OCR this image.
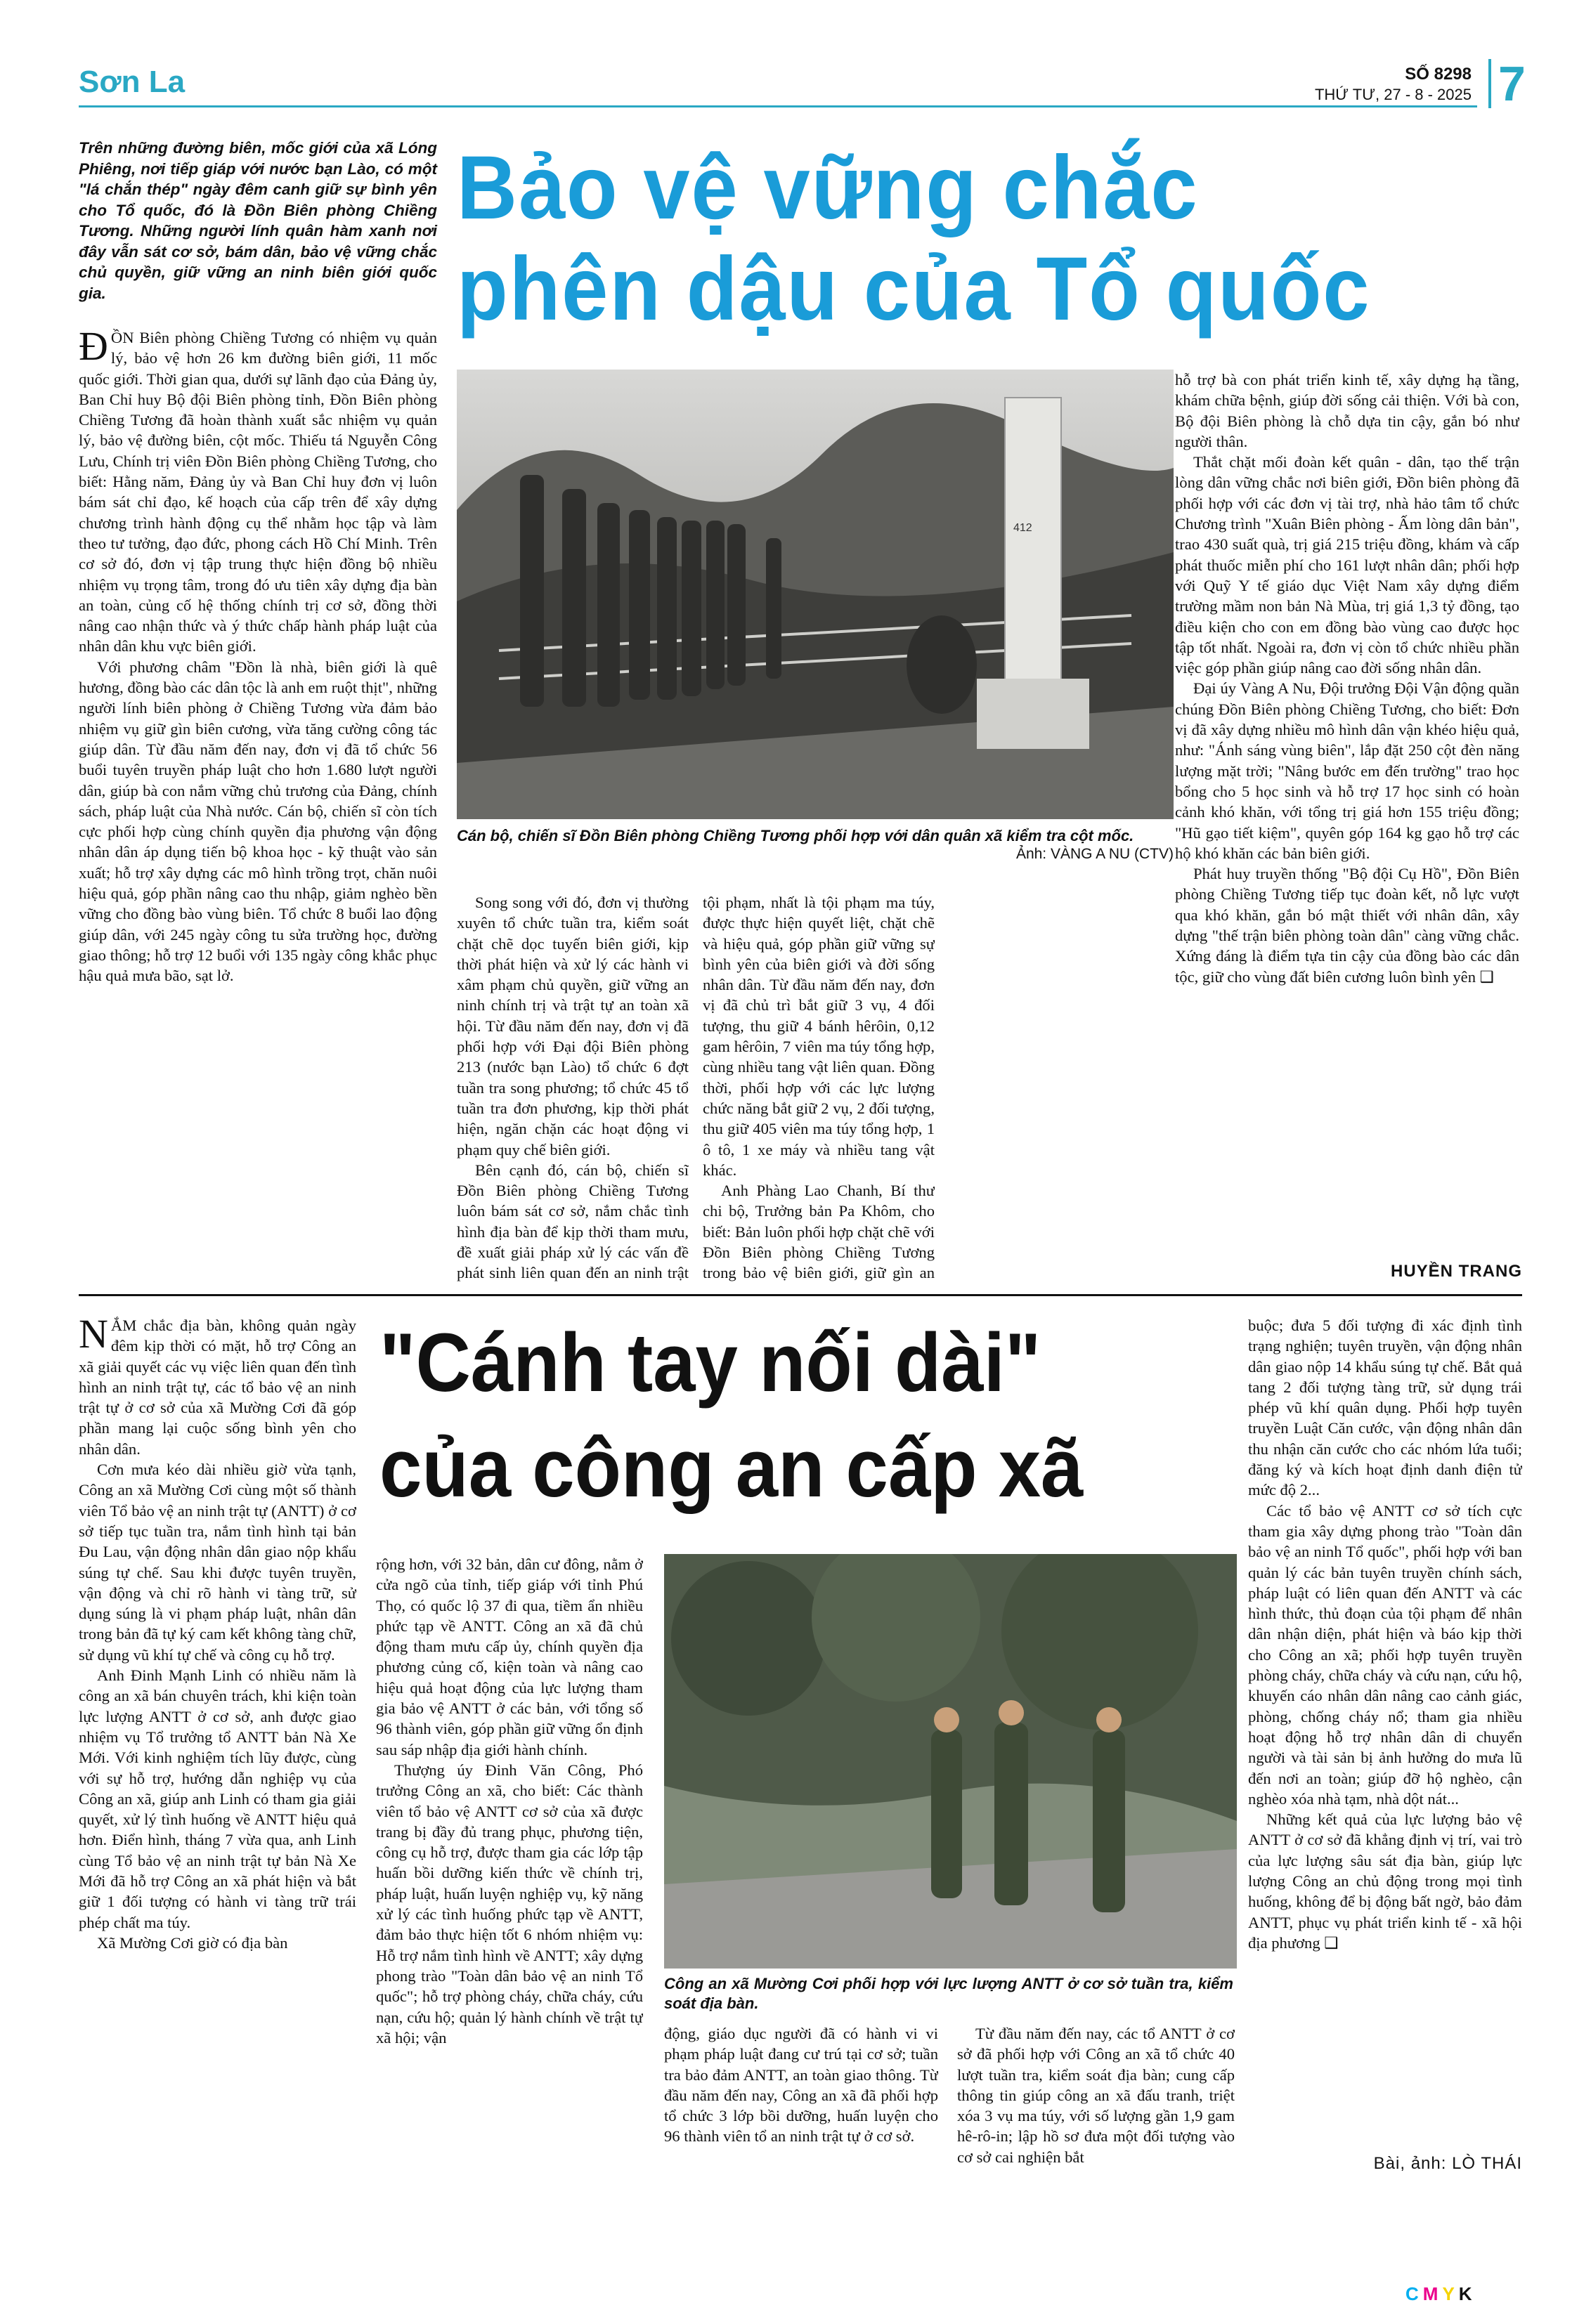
Sơn La	SỐ 8298
THỨ TƯ, 27 - 8 - 2025 7
Trên những đường biên, mốc giới của xã Lóng Phiêng, nơi tiếp giáp với nước bạn Lào, có một "lá chắn thép" ngày đêm canh giữ sự bình yên cho Tổ quốc, đó là Đồn Biên phòng Chiềng Tương. Những người lính quân hàm xanh nơi đây vẫn sát cơ sở, bám dân, bảo vệ vững chắc chủ quyền, giữ vững an ninh biên giới quốc gia.
Bảo vệ vững chắc
phên dậu của Tổ quốc

ĐỒN Biên phòng Chiềng Tương có nhiệm vụ quản lý, bảo vệ hơn 26 km đường biên giới, 11 mốc quốc giới. Thời gian qua, dưới sự lãnh đạo của Đảng ủy, Ban Chỉ huy Bộ đội Biên phòng tỉnh, Đồn Biên phòng Chiềng Tương đã hoàn thành xuất sắc nhiệm vụ quản lý, bảo vệ đường biên, cột mốc. Thiếu tá Nguyễn Công Lưu, Chính trị viên Đồn Biên phòng Chiềng Tương, cho biết: Hằng năm, Đảng ủy và Ban Chỉ huy đơn vị luôn bám sát chỉ đạo, kế hoạch của cấp trên để xây dựng chương trình hành động cụ thể nhằm học tập và làm theo tư tưởng, đạo đức, phong cách Hồ Chí Minh. Trên cơ sở đó, đơn vị tập trung thực hiện đồng bộ nhiều nhiệm vụ trọng tâm, trong đó ưu tiên xây dựng địa bàn an toàn, củng cố hệ thống chính trị cơ sở, đồng thời nâng cao nhận thức và ý thức chấp hành pháp luật của nhân dân khu vực biên giới.

Với phương châm "Đồn là nhà, biên giới là quê hương, đồng bào các dân tộc là anh em ruột thịt", những người lính biên phòng ở Chiềng Tương vừa đảm bảo nhiệm vụ giữ gìn biên cương, vừa tăng cường công tác giúp dân. Từ đầu năm đến nay, đơn vị đã tổ chức 56 buổi tuyên truyền pháp luật cho hơn 1.680 lượt người dân, giúp bà con nắm vững chủ trương của Đảng, chính sách, pháp luật của Nhà nước. Cán bộ, chiến sĩ còn tích cực phối hợp cùng chính quyền địa phương vận động nhân dân áp dụng tiến bộ khoa học - kỹ thuật vào sản xuất; hỗ trợ xây dựng các mô hình trồng trọt, chăn nuôi hiệu quả, góp phần nâng cao thu nhập, giảm nghèo bền vững cho đồng bào vùng biên. Tổ chức 8 buổi lao động giúp dân, với 245 ngày công tu sửa trường học, đường giao thông; hỗ trợ 12 buổi với 135 ngày công khắc phục hậu quả mưa bão, sạt lở.

412
Cán bộ, chiến sĩ Đồn Biên phòng Chiềng Tương phối hợp với dân quân xã kiểm tra cột mốc.
Ảnh: VÀNG A NU (CTV)

Song song với đó, đơn vị thường xuyên tổ chức tuần tra, kiểm soát chặt chẽ dọc tuyến biên giới, kịp thời phát hiện và xử lý các hành vi xâm phạm chủ quyền, giữ vững an ninh chính trị và trật tự an toàn xã hội. Từ đầu năm đến nay, đơn vị đã phối hợp với Đại đội Biên phòng 213 (nước bạn Lào) tổ chức 6 đợt tuần tra song phương; tổ chức 45 tổ tuần tra đơn phương, kịp thời phát hiện, ngăn chặn các hoạt động vi phạm quy chế biên giới.

Bên cạnh đó, cán bộ, chiến sĩ Đồn Biên phòng Chiềng Tương luôn bám sát cơ sở, nắm chắc tình hình địa bàn để kịp thời tham mưu, đề xuất giải pháp xử lý các vấn đề phát sinh liên quan đến an ninh trật

tội phạm, nhất là tội phạm ma túy, được thực hiện quyết liệt, chặt chẽ và hiệu quả, góp phần giữ vững sự bình yên của biên giới và đời sống nhân dân. Từ đầu năm đến nay, đơn vị đã chủ trì bắt giữ 3 vụ, 4 đối tượng, thu giữ 4 bánh hêrôin, 0,12 gam hêrôin, 7 viên ma túy tổng hợp, cùng nhiều tang vật liên quan. Đồng thời, phối hợp với các lực lượng chức năng bắt giữ 2 vụ, 2 đối tượng, thu giữ 405 viên ma túy tổng hợp, 1 ô tô, 1 xe máy và nhiều tang vật khác.

Anh Phàng Lao Chanh, Bí thư chi bộ, Trưởng bản Pa Khôm, cho biết: Bản luôn phối hợp chặt chẽ với Đồn Biên phòng Chiềng Tương trong bảo vệ biên giới, giữ gìn an

hỗ trợ bà con phát triển kinh tế, xây dựng hạ tầng, khám chữa bệnh, giúp đời sống cải thiện. Với bà con, Bộ đội Biên phòng là chỗ dựa tin cậy, gắn bó như người thân.

Thắt chặt mối đoàn kết quân - dân, tạo thế trận lòng dân vững chắc nơi biên giới, Đồn biên phòng đã phối hợp với các đơn vị tài trợ, nhà hảo tâm tổ chức Chương trình "Xuân Biên phòng - Ấm lòng dân bản", trao 430 suất quà, trị giá 215 triệu đồng, khám và cấp phát thuốc miễn phí cho 161 lượt nhân dân; phối hợp với Quỹ Y tế giáo dục Việt Nam xây dựng điểm trường mầm non bản Nà Mùa, trị giá 1,3 tỷ đồng, tạo điều kiện cho con em đồng bào vùng cao được học tập tốt nhất. Ngoài ra, đơn vị còn tổ chức nhiều phần việc góp phần giúp nâng cao đời sống nhân dân.

Đại úy Vàng A Nu, Đội trưởng Đội Vận động quần chúng Đồn Biên phòng Chiềng Tương, cho biết: Đơn vị đã xây dựng nhiều mô hình dân vận khéo hiệu quả, như: "Ánh sáng vùng biên", lắp đặt 250 cột đèn năng lượng mặt trời; "Nâng bước em đến trường" trao học bổng cho 5 học sinh và hỗ trợ 17 học sinh có hoàn cảnh khó khăn, với tổng trị giá hơn 155 triệu đồng; "Hũ gạo tiết kiệm", quyên góp 164 kg gạo hỗ trợ các hộ khó khăn các bản biên giới.

Phát huy truyền thống "Bộ đội Cụ Hồ", Đồn Biên phòng Chiềng Tương tiếp tục đoàn kết, nỗ lực vượt qua khó khăn, gắn bó mật thiết với nhân dân, xây dựng "thế trận biên phòng toàn dân" càng vững chắc. Xứng đáng là điểm tựa tin cậy của đồng bào các dân tộc, giữ cho vùng đất biên cương luôn bình yên ❑

HUYỀN TRANG
"Cánh tay nối dài"
của công an cấp xã

NẮM chắc địa bàn, không quản ngày đêm kịp thời có mặt, hỗ trợ Công an xã giải quyết các vụ việc liên quan đến tình hình an ninh trật tự, các tổ bảo vệ an ninh trật tự ở cơ sở của xã Mường Cơi đã góp phần mang lại cuộc sống bình yên cho nhân dân.

Cơn mưa kéo dài nhiều giờ vừa tạnh, Công an xã Mường Cơi cùng một số thành viên Tổ bảo vệ an ninh trật tự (ANTT) ở cơ sở tiếp tục tuần tra, nắm tình hình tại bản Đu Lau, vận động nhân dân giao nộp khẩu súng tự chế. Sau khi được tuyên truyền, vận động và chỉ rõ hành vi tàng trữ, sử dụng súng là vi phạm pháp luật, nhân dân trong bản đã tự ký cam kết không tàng chữ, sử dụng vũ khí tự chế và công cụ hỗ trợ.

Anh Đinh Mạnh Linh có nhiều năm là công an xã bán chuyên trách, khi kiện toàn lực lượng ANTT ở cơ sở, anh được giao nhiệm vụ Tổ trưởng tổ ANTT bản Nà Xe Mới. Với kinh nghiệm tích lũy được, cùng với sự hỗ trợ, hướng dẫn nghiệp vụ của Công an xã, giúp anh Linh có tham gia giải quyết, xử lý tình huống về ANTT hiệu quả hơn. Điển hình, tháng 7 vừa qua, anh Linh cùng Tổ bảo vệ an ninh trật tự bản Nà Xe Mới đã hỗ trợ Công an xã phát hiện và bắt giữ 1 đối tượng có hành vi tàng trữ trái phép chất ma túy.

Xã Mường Cơi giờ có địa bàn

rộng hơn, với 32 bản, dân cư đông, nằm ở cửa ngõ của tỉnh, tiếp giáp với tỉnh Phú Thọ, có quốc lộ 37 đi qua, tiềm ẩn nhiều phức tạp về ANTT. Công an xã đã chủ động tham mưu cấp ủy, chính quyền địa phương củng cố, kiện toàn và nâng cao hiệu quả hoạt động của lực lượng tham gia bảo vệ ANTT ở các bản, với tổng số 96 thành viên, góp phần giữ vững ổn định sau sáp nhập địa giới hành chính.

Thượng úy Đinh Văn Công, Phó trưởng Công an xã, cho biết: Các thành viên tổ bảo vệ ANTT cơ sở của xã được trang bị đầy đủ trang phục, phương tiện, công cụ hỗ trợ, được tham gia các lớp tập huấn bồi dưỡng kiến thức về chính trị, pháp luật, huấn luyện nghiệp vụ, kỹ năng xử lý các tình huống phức tạp về ANTT, đảm bảo thực hiện tốt 6 nhóm nhiệm vụ: Hỗ trợ nắm tình hình về ANTT; xây dựng phong trào "Toàn dân bảo vệ an ninh Tổ quốc"; hỗ trợ phòng cháy, chữa cháy, cứu nạn, cứu hộ; quản lý hành chính về trật tự xã hội; vận

Công an xã Mường Cơi phối hợp với lực lượng ANTT ở cơ sở tuần tra, kiểm soát địa bàn.

động, giáo dục người đã có hành vi vi phạm pháp luật đang cư trú tại cơ sở; tuần tra bảo đảm ANTT, an toàn giao thông. Từ đầu năm đến nay, Công an xã đã phối hợp tổ chức 3 lớp bồi dưỡng, huấn luyện cho 96 thành viên tổ an ninh trật tự ở cơ sở.

Từ đầu năm đến nay, các tổ ANTT ở cơ sở đã phối hợp với Công an xã tổ chức 40 lượt tuần tra, kiểm soát địa bàn; cung cấp thông tin giúp công an xã đấu tranh, triệt xóa 3 vụ ma túy, với số lượng gần 1,9 gam hê-rô-in; lập hồ sơ đưa một đối tượng vào cơ sở cai nghiện bắt

buộc; đưa 5 đối tượng đi xác định tình trạng nghiện; tuyên truyền, vận động nhân dân giao nộp 14 khẩu súng tự chế. Bắt quả tang 2 đối tượng tàng trữ, sử dụng trái phép vũ khí quân dụng. Phối hợp tuyên truyền Luật Căn cước, vận động nhân dân thu nhận căn cước cho các nhóm lứa tuổi; đăng ký và kích hoạt định danh điện tử mức độ 2...

Các tổ bảo vệ ANTT cơ sở tích cực tham gia xây dựng phong trào "Toàn dân bảo vệ an ninh Tổ quốc", phối hợp với ban quản lý các bản tuyên truyền chính sách, pháp luật có liên quan đến ANTT và các hình thức, thủ đoạn của tội phạm để nhân dân nhận diện, phát hiện và báo kịp thời cho Công an xã; phối hợp tuyên truyền phòng cháy, chữa cháy và cứu nạn, cứu hộ, khuyến cáo nhân dân nâng cao cảnh giác, phòng, chống cháy nổ; tham gia nhiều hoạt động hỗ trợ nhân dân di chuyển người và tài sản bị ảnh hưởng do mưa lũ đến nơi an toàn; giúp đỡ hộ nghèo, cận nghèo xóa nhà tạm, nhà dột nát...

Những kết quả của lực lượng bảo vệ ANTT ở cơ sở đã khẳng định vị trí, vai trò của lực lượng sâu sát địa bàn, giúp lực lượng Công an chủ động trong mọi tình huống, không để bị động bất ngờ, bảo đảm ANTT, phục vụ phát triển kinh tế - xã hội địa phương ❑

Bài, ảnh: LÒ THÁI
CMYK
